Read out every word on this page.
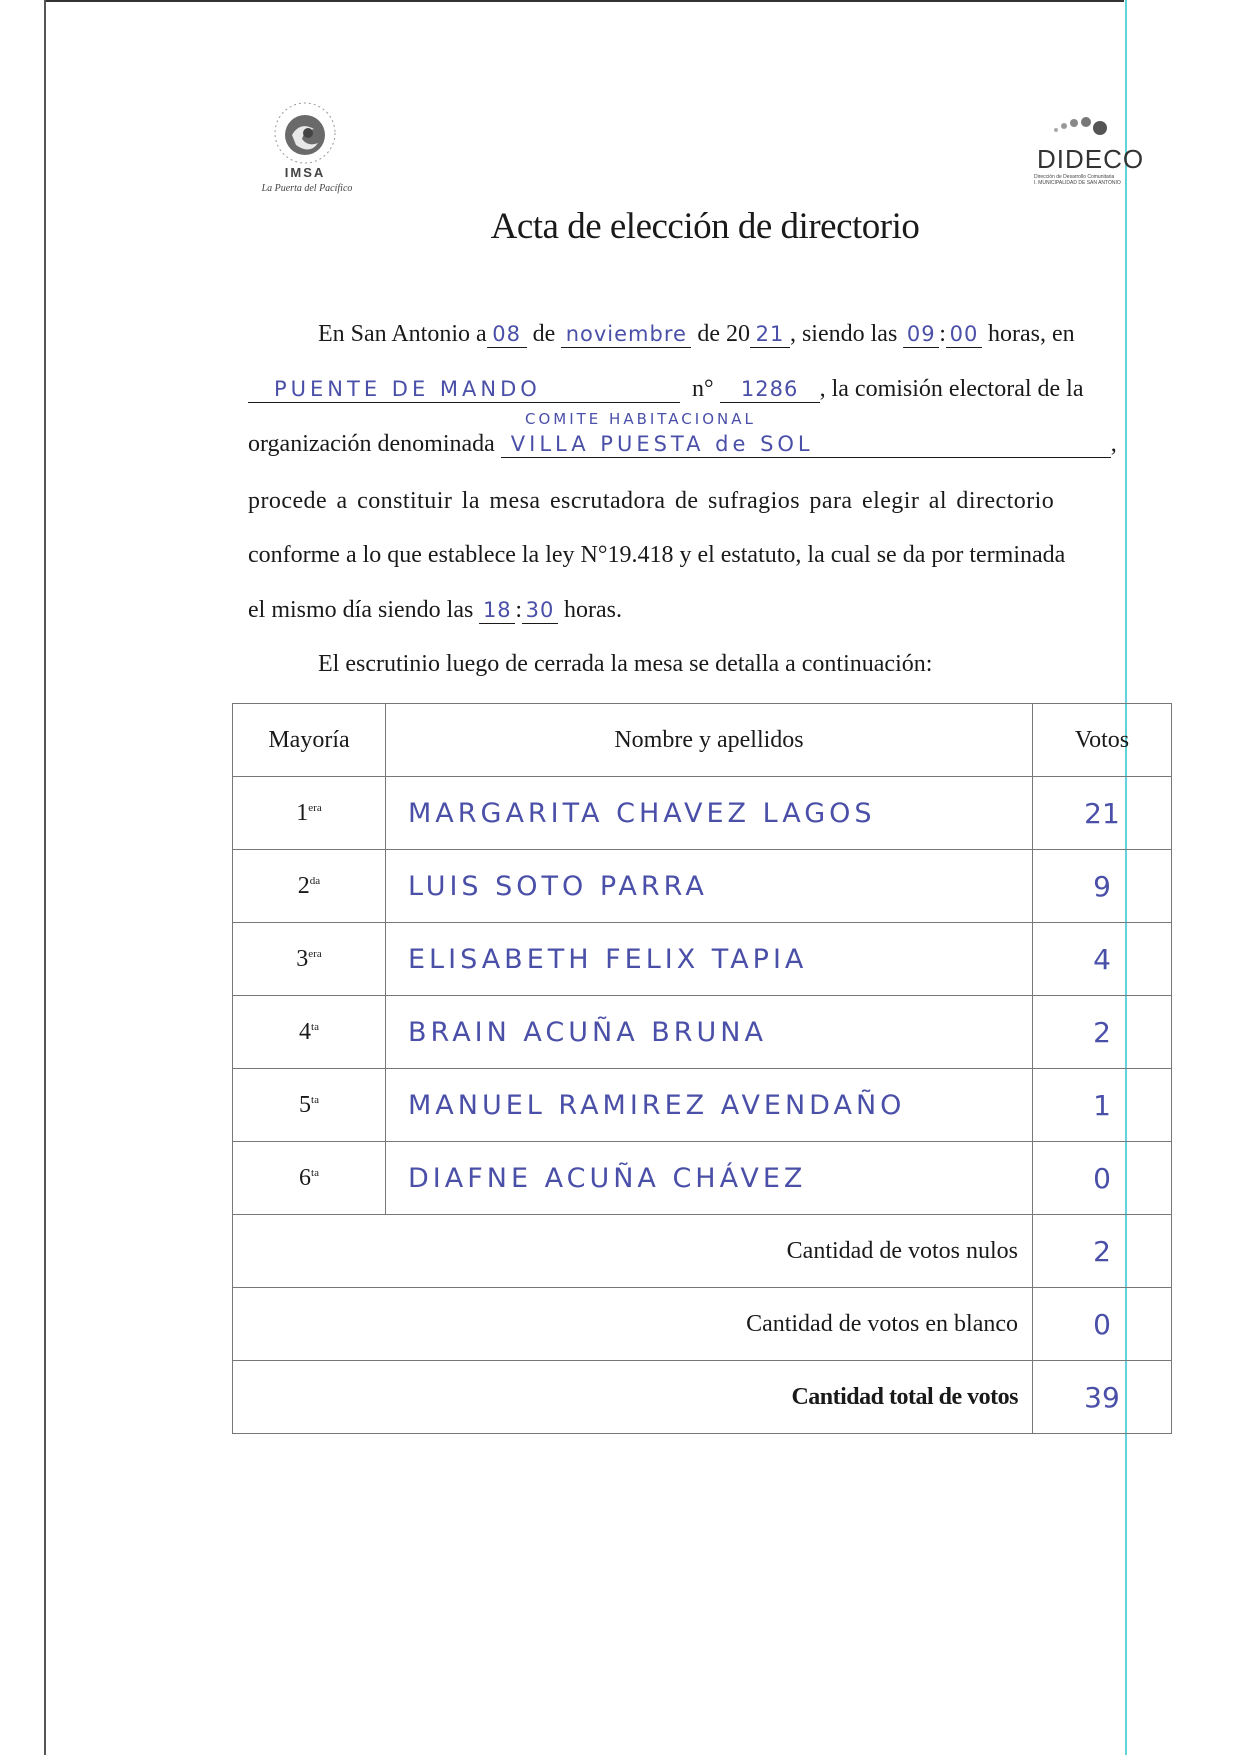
IMSA
La Puerta del Pacífico
DIDECO
Dirección de Desarrollo Comunitaria
I. MUNICIPALIDAD DE SAN ANTONIO
Acta de elección de directorio
En San Antonio a 08 de noviembre de 20 21 , siendo las 09 : 00 horas, en
PUENTE DE MANDO	n° 1286 , la comisión electoral de la
COMITE HABITACIONAL
organización denominada VILLA PUESTA de SOL	,
procede a constituir la mesa escrutadora de sufragios para elegir al directorio
conforme a lo que establece la ley N°19.418 y el estatuto, la cual se da por terminada
el mismo día siendo las 18 : 30 horas.
El escrutinio luego de cerrada la mesa se detalla a continuación:
Mayoría	Nombre y apellidos	Votos
$1^{era}$	MARGARITA CHAVEZ LAGOS	21
$2^{da}$	LUIS SOTO PARRA	9
$3^{era}$	ELISABETH FELIX TAPIA	4
$4^{ta}$	BRAIN ACUÑA BRUNA	2
$5^{ta}$	MANUEL RAMIREZ AVENDAÑO	1
$6^{ta}$	DIAFNE ACUÑA CHÁVEZ	0
Cantidad de votos nulos		2
Cantidad de votos en blanco		0
Cantidad total de votos		39
